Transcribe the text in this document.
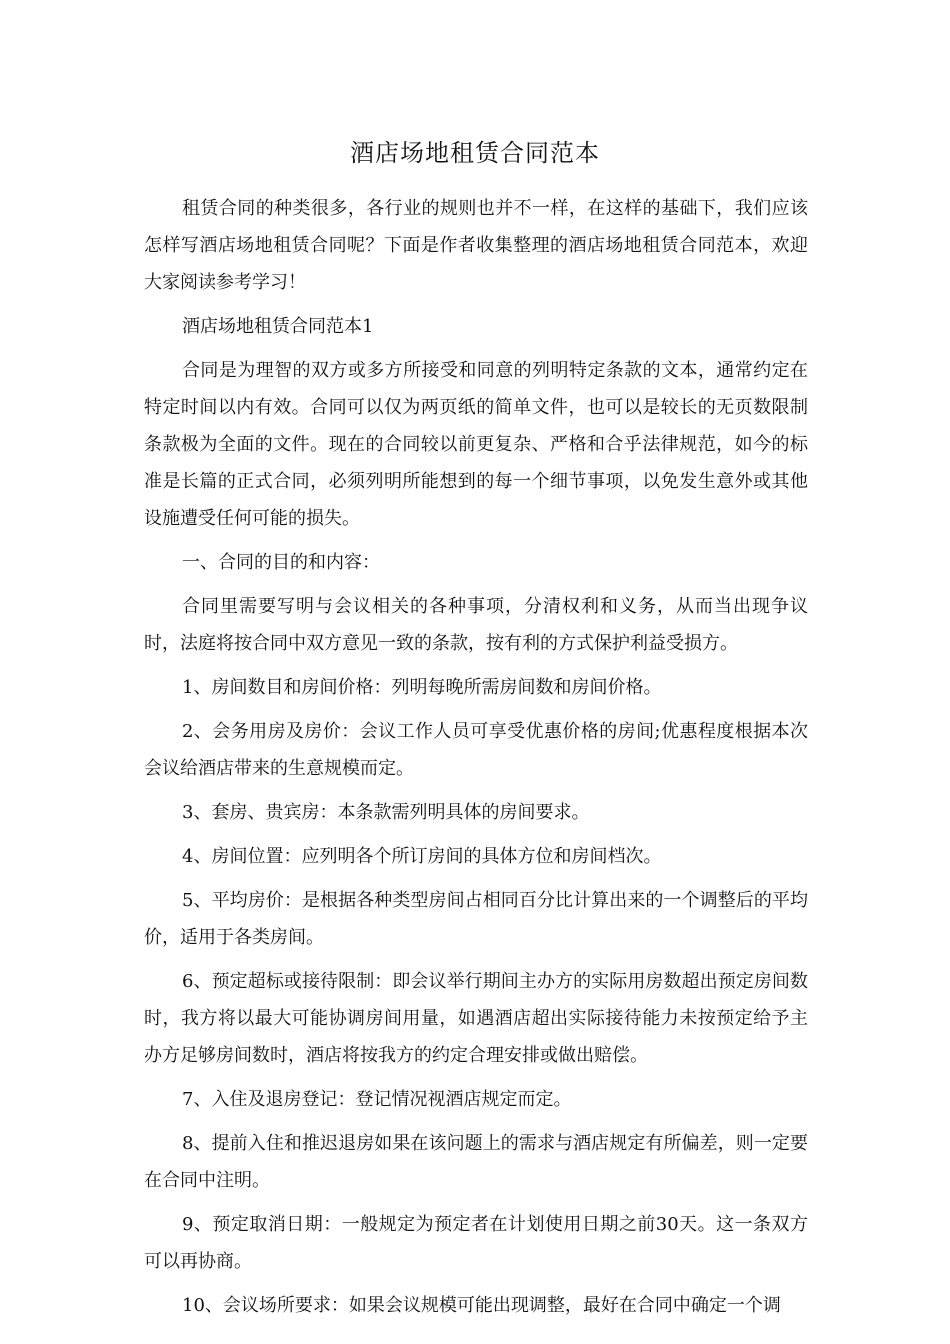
酒店场地租赁合同范本

租赁合同的种类很多，各行业的规则也并不一样，在这样的基础下，我们应该怎样写酒店场地租赁合同呢？下面是作者收集整理的酒店场地租赁合同范本，欢迎大家阅读参考学习！

酒店场地租赁合同范本1

合同是为理智的双方或多方所接受和同意的列明特定条款的文本，通常约定在特定时间以内有效。合同可以仅为两页纸的简单文件，也可以是较长的无页数限制条款极为全面的文件。现在的合同较以前更复杂、严格和合乎法律规范，如今的标准是长篇的正式合同，必须列明所能想到的每一个细节事项，以免发生意外或其他设施遭受任何可能的损失。

一、合同的目的和内容：

合同里需要写明与会议相关的各种事项，分清权利和义务，从而当出现争议时，法庭将按合同中双方意见一致的条款，按有利的方式保护利益受损方。

1、房间数目和房间价格：列明每晚所需房间数和房间价格。

2、会务用房及房价：会议工作人员可享受优惠价格的房间;优惠程度根据本次会议给酒店带来的生意规模而定。

3、套房、贵宾房：本条款需列明具体的房间要求。

4、房间位置：应列明各个所订房间的具体方位和房间档次。

5、平均房价：是根据各种类型房间占相同百分比计算出来的一个调整后的平均价，适用于各类房间。

6、预定超标或接待限制：即会议举行期间主办方的实际用房数超出预定房间数时，我方将以最大可能协调房间用量，如遇酒店超出实际接待能力未按预定给予主办方足够房间数时，酒店将按我方的约定合理安排或做出赔偿。

7、入住及退房登记：登记情况视酒店规定而定。

8、提前入住和推迟退房如果在该问题上的需求与酒店规定有所偏差，则一定要在合同中注明。

9、预定取消日期：一般规定为预定者在计划使用日期之前30天。这一条双方可以再协商。

10、会议场所要求：如果会议规模可能出现调整，最好在合同中确定一个调
